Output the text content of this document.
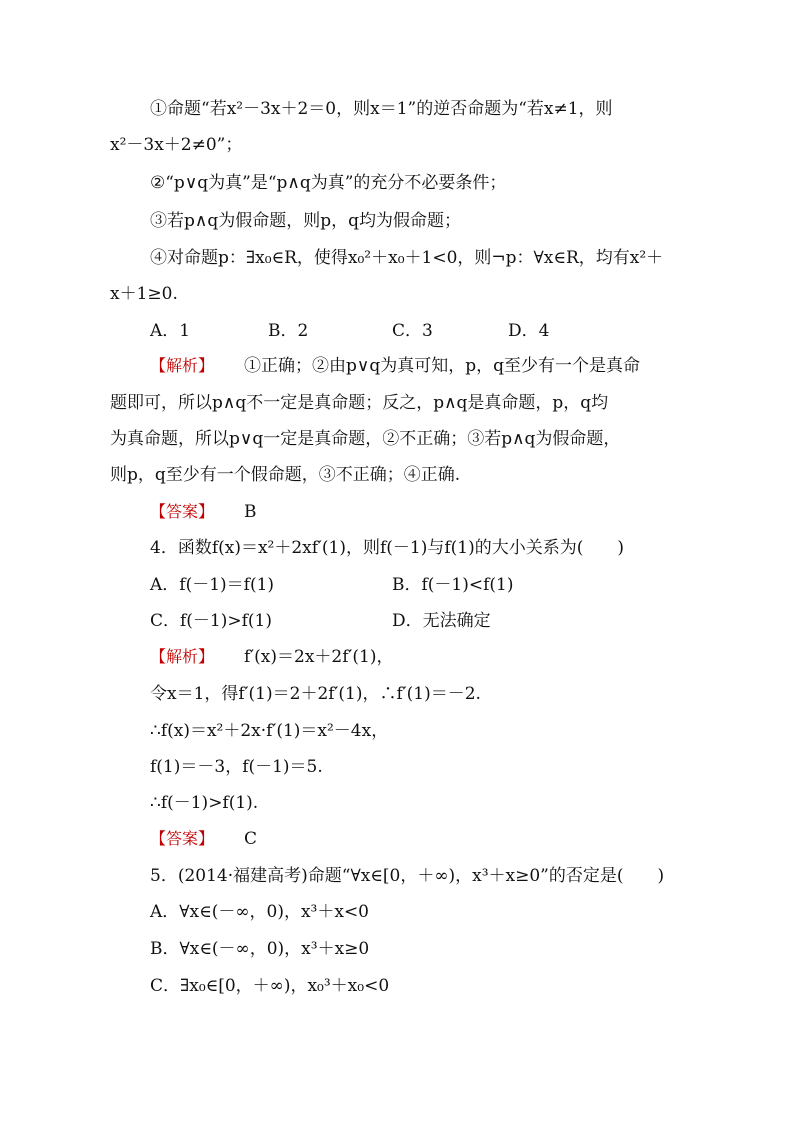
①命题“若x²－3x＋2＝0，则x＝1”的逆否命题为“若x≠1，则
x²－3x＋2≠0”；
②“p∨q为真”是“p∧q为真”的充分不必要条件；
③若p∧q为假命题，则p，q均为假命题；
④对命题p：∃x₀∈R，使得x₀²＋x₀＋1<0，则¬p：∀x∈R，均有x²＋
x＋1≥0.
A．1	B．2	C．3	D．4
【解析】 ①正确；②由p∨q为真可知，p，q至少有一个是真命
题即可，所以p∧q不一定是真命题；反之，p∧q是真命题，p，q均
为真命题，所以p∨q一定是真命题，②不正确；③若p∧q为假命题，
则p，q至少有一个假命题，③不正确；④正确.
【答案】 B
4．函数f(x)＝x²＋2xf′(1)，则f(－1)与f(1)的大小关系为(　　)
A．f(－1)＝f(1)	B．f(－1)<f(1)
C．f(－1)>f(1)	D．无法确定
【解析】 f′(x)＝2x＋2f′(1)，
令x＝1，得f′(1)＝2＋2f′(1)，∴f′(1)＝－2.
∴f(x)＝x²＋2x·f′(1)＝x²－4x，
f(1)＝－3，f(－1)＝5.
∴f(－1)>f(1).
【答案】 C
5．(2014·福建高考)命题“∀x∈[0，＋∞)，x³＋x≥0”的否定是(　　)
A．∀x∈(－∞，0)，x³＋x<0
B．∀x∈(－∞，0)，x³＋x≥0
C．∃x₀∈[0，＋∞)，x₀³＋x₀<0
